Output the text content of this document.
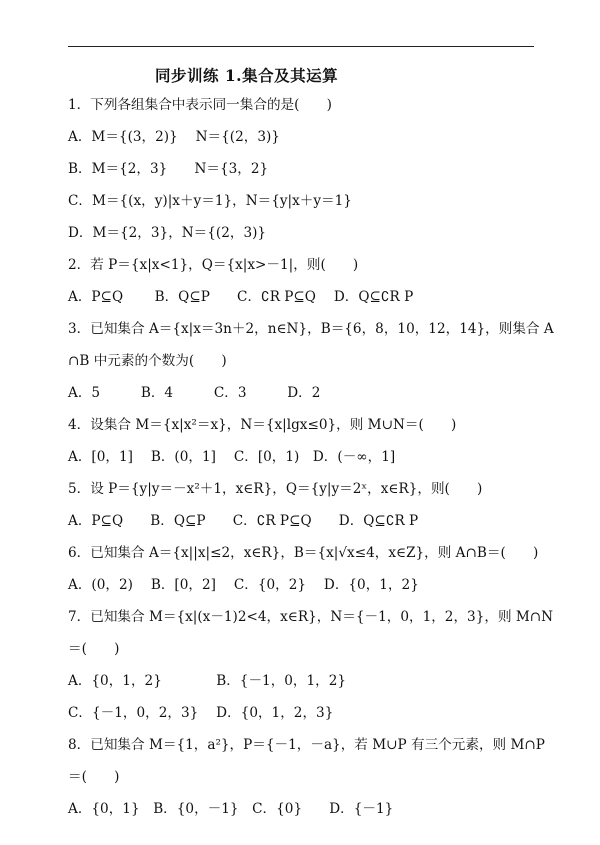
同步训练 1.集合及其运算
1．下列各组集合中表示同一集合的是(　　)
A．M＝{(3，2)}　 N＝{(2，3)}
B．M＝{2，3}　　N＝{3，2}
C．M＝{(x，y)|x＋y＝1}，N＝{y|x＋y＝1}
D．M＝{2，3}，N＝{(2，3)}
2．若 P＝{x|x<1}，Q＝{x|x>－1|，则(　　)
A．P⊆Q　　 B．Q⊆P　　C．∁R P⊆Q　 D．Q⊆∁R P
3．已知集合 A＝{x|x＝3n＋2，n∈N}，B＝{6，8，10，12，14}，则集合 A
∩B 中元素的个数为(　　)
A．5　　　B．4　　　C．3　　　D．2
4．设集合 M＝{x|x²＝x}，N＝{x|lgx≤0}，则 M∪N＝(　　)
A．[0，1]　 B．(0，1]　 C．[0，1)　D．(－∞，1]
5．设 P＝{y|y＝－x²＋1，x∈R}，Q＝{y|y＝2ˣ，x∈R}，则(　　)
A．P⊆Q　　B．Q⊆P　　C．∁R P⊆Q　　D．Q⊆∁R P
6．已知集合 A＝{x||x|≤2，x∈R}，B＝{x|√x≤4，x∈Z}，则 A∩B＝(　　)
A．(0，2)　 B．[0，2]　 C．{0，2}　 D．{0，1，2}
7．已知集合 M＝{x|(x－1)2<4，x∈R}，N＝{－1，0，1，2，3}，则 M∩N
＝(　　)
A．{0，1，2}　　　　B．{－1，0，1，2}
C．{－1，0，2，3}　 D．{0，1，2，3}
8．已知集合 M＝{1，a²}，P＝{－1，－a}，若 M∪P 有三个元素，则 M∩P
＝(　　)
A．{0，1}　B．{0，－1}　C．{0}　　D．{－1}
